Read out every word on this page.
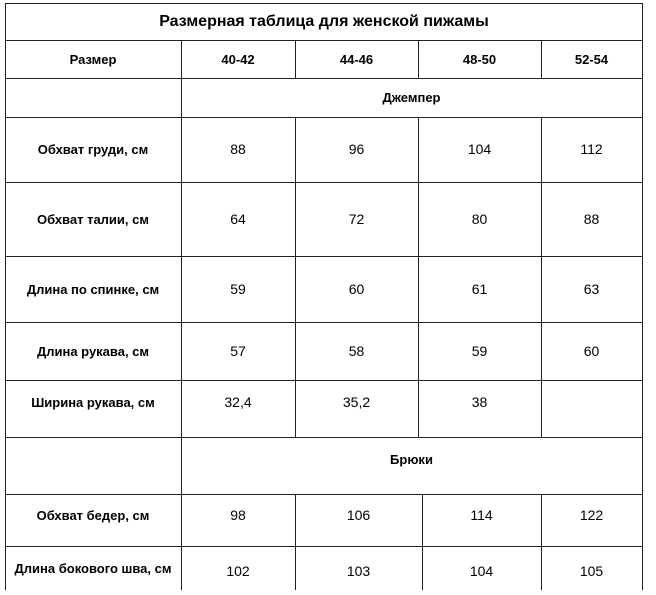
Размерная таблица для женской пижамы
Размер	40-42	44-46	48-50	52-54
Джемпер
Обхват груди, см	88	96	104	112
Обхват талии, см	64	72	80	88
Длина по спинке, см	59	60	61	63
Длина рукава, см	57	58	59	60
Ширина рукава, см	32,4	35,2	38
Брюки
Обхват бедер, см	98	106	114	122
Длина бокового шва, см	102	103	104	105
